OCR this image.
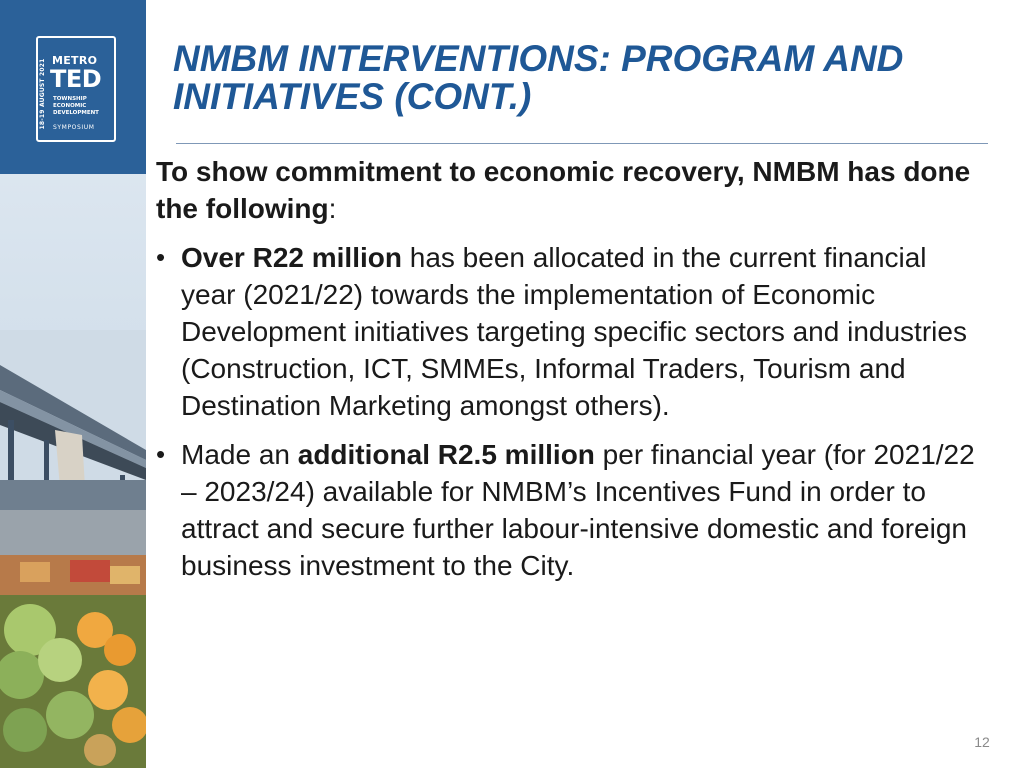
18-19 AUGUST 2021 METRO
TED
TOWNSHIP
ECONOMIC
DEVELOPMENT
SYMPOSIUM
NMBM INTERVENTIONS: PROGRAM AND INITIATIVES (CONT.)

To show commitment to economic recovery, NMBM has done the following:

• Over R22 million has been allocated in the current financial year (2021/22) towards the implementation of Economic Development initiatives targeting specific sectors and industries (Construction, ICT, SMMEs, Informal Traders, Tourism and Destination Marketing amongst others).
• Made an additional R2.5 million per financial year (for 2021/22 – 2023/24) available for NMBM’s Incentives Fund in order to attract and secure further labour-intensive domestic and foreign business investment to the City.
12
